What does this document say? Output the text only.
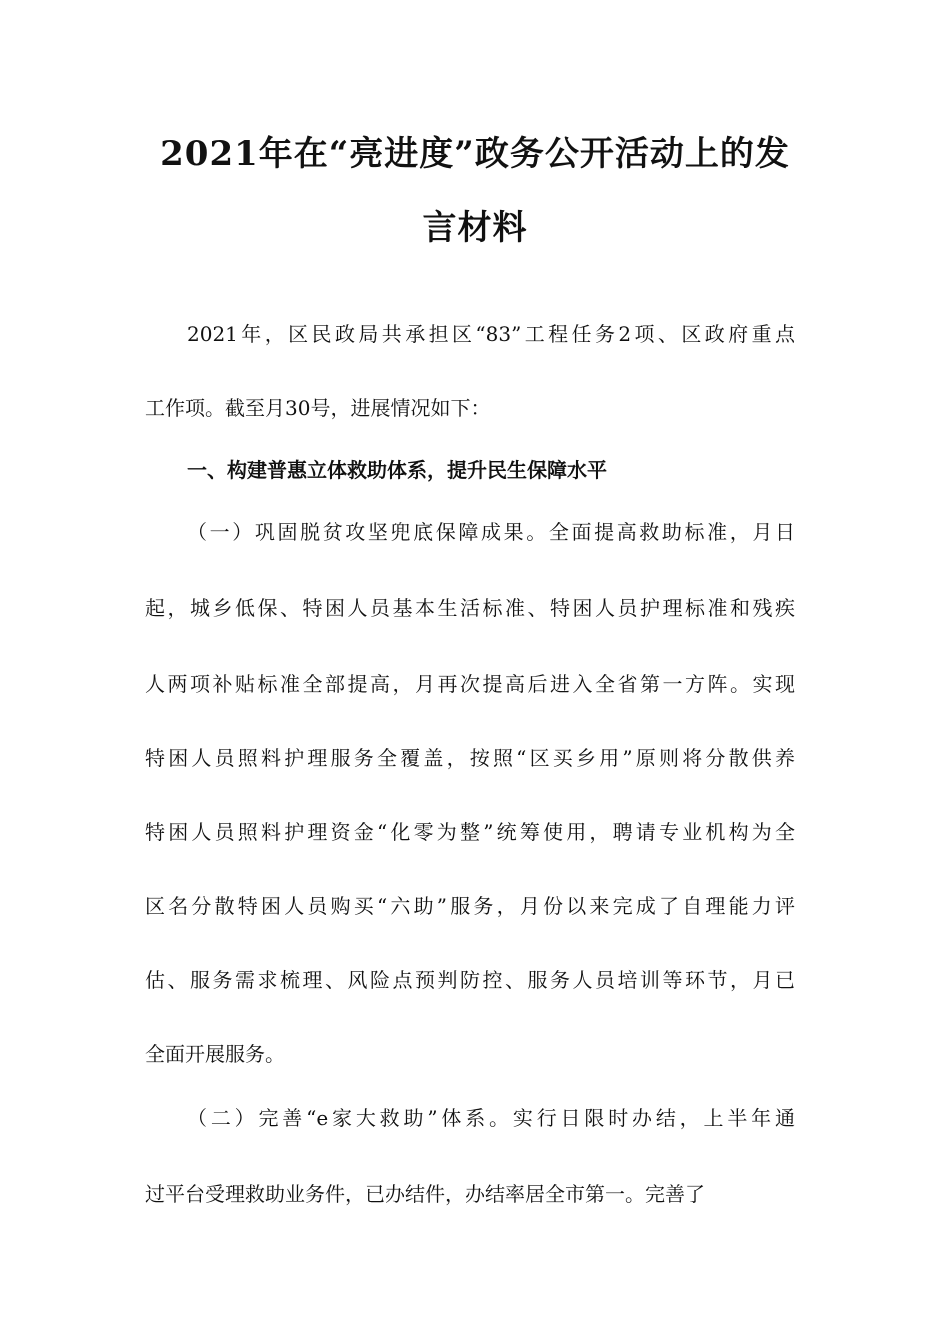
2021年在“亮进度”政务公开活动上的发
言材料

2021年，区民政局共承担区“83”工程任务2项、区政府重点

工作项。截至月30号，进展情况如下：

一、构建普惠立体救助体系，提升民生保障水平

（一）巩固脱贫攻坚兜底保障成果。全面提高救助标准，月日

起，城乡低保、特困人员基本生活标准、特困人员护理标准和残疾

人两项补贴标准全部提高，月再次提高后进入全省第一方阵。实现

特困人员照料护理服务全覆盖，按照“区买乡用”原则将分散供养

特困人员照料护理资金“化零为整”统筹使用，聘请专业机构为全

区名分散特困人员购买“六助”服务，月份以来完成了自理能力评

估、服务需求梳理、风险点预判防控、服务人员培训等环节，月已

全面开展服务。

（二）完善“e家大救助”体系。实行日限时办结，上半年通

过平台受理救助业务件，已办结件，办结率居全市第一。完善了
